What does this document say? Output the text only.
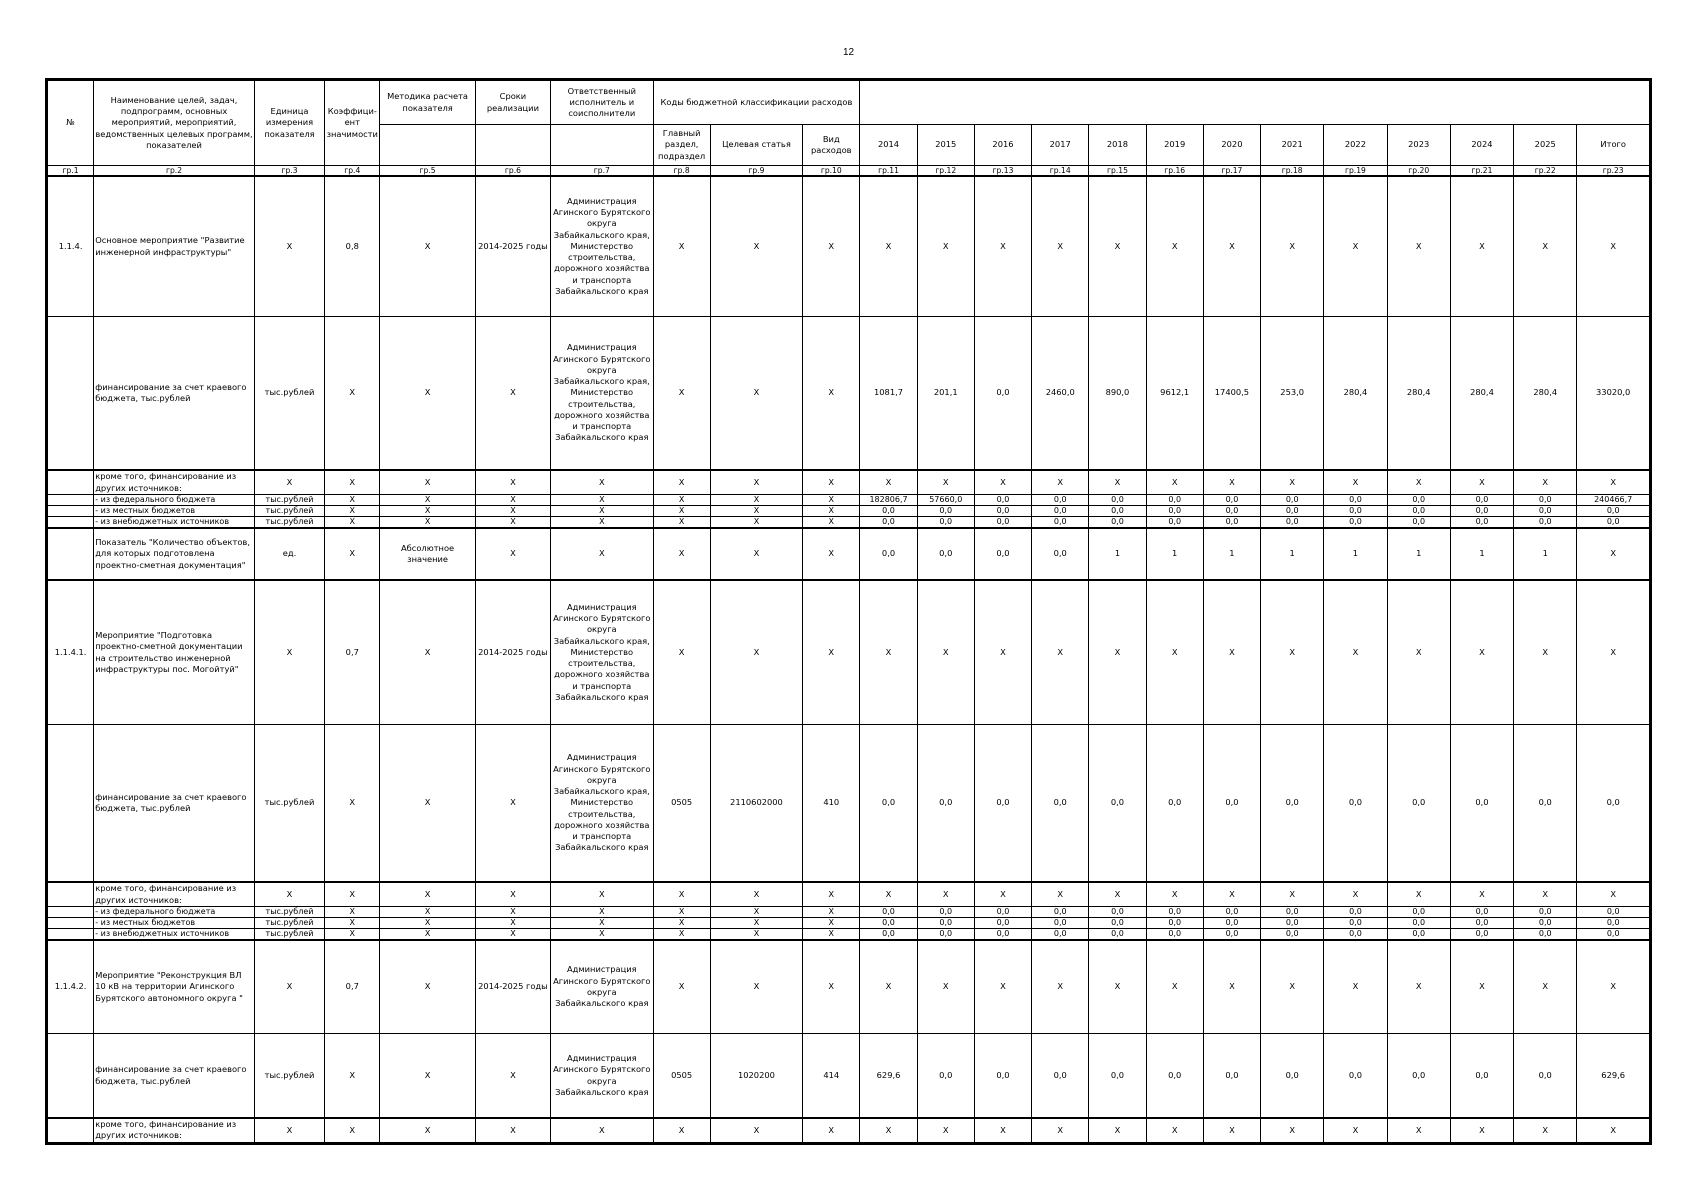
12
№	Наименование целей, задач, подпрограмм, основных мероприятий, мероприятий, ведомственных целевых программ, показателей	Единица измерения показателя	Коэффици-ент значимости	Методика расчета показателя	Сроки реализации	Ответственный исполнитель и соисполнители	Коды бюджетной классификации расходов															
							Главный раздел, подраздел	Целевая статья	Вид расходов	2014	2015	2016	2017	2018	2019	2020	2021	2022	2023	2024	2025	Итого
гр.1	гр.2	гр.3	гр.4	гр.5	гр.6	гр.7	гр.8	гр.9	гр.10	гр.11	гр.12	гр.13	гр.14	гр.15	гр.16	гр.17	гр.18	гр.19	гр.20	гр.21	гр.22	гр.23
1.1.4.	Основное мероприятие "Развитие инженерной инфраструктуры"	Х	0,8	Х	2014-2025 годы	Администрация Агинского Бурятского округа Забайкальского края, Министерство строительства, дорожного хозяйства и транспорта Забайкальского края	Х	Х	Х	Х	Х	Х	Х	Х	Х	Х	Х	Х	Х	Х	Х	Х
	финансирование за счет краевого бюджета, тыс.рублей	тыс.рублей	Х	Х	Х	Администрация Агинского Бурятского округа Забайкальского края, Министерство строительства, дорожного хозяйства и транспорта Забайкальского края	Х	Х	Х	1081,7	201,1	0,0	2460,0	890,0	9612,1	17400,5	253,0	280,4	280,4	280,4	280,4	33020,0
	кроме того, финансирование из других источников:	Х	Х	Х	Х	Х	Х	Х	Х	Х	Х	Х	Х	Х	Х	Х	Х	Х	Х	Х	Х	Х
	- из федерального бюджета	тыс.рублей	Х	Х	Х	Х	Х	Х	Х	182806,7	57660,0	0,0	0,0	0,0	0,0	0,0	0,0	0,0	0,0	0,0	0,0	240466,7
	- из местных бюджетов	тыс.рублей	Х	Х	Х	Х	Х	Х	Х	0,0	0,0	0,0	0,0	0,0	0,0	0,0	0,0	0,0	0,0	0,0	0,0	0,0
	- из внебюджетных источников	тыс.рублей	Х	Х	Х	Х	Х	Х	Х	0,0	0,0	0,0	0,0	0,0	0,0	0,0	0,0	0,0	0,0	0,0	0,0	0,0
	Показатель "Количество объектов, для которых подготовлена проектно-сметная документация"	ед.	Х	Абсолютное значение	Х	Х	Х	Х	Х	0,0	0,0	0,0	0,0	1	1	1	1	1	1	1	1	Х
1.1.4.1.	Мероприятие "Подготовка проектно-сметной документации на строительство инженерной инфраструктуры пос. Могойтуй"	Х	0,7	Х	2014-2025 годы	Администрация Агинского Бурятского округа Забайкальского края, Министерство строительства, дорожного хозяйства и транспорта Забайкальского края	Х	Х	Х	Х	Х	Х	Х	Х	Х	Х	Х	Х	Х	Х	Х	Х
	финансирование за счет краевого бюджета, тыс.рублей	тыс.рублей	Х	Х	Х	Администрация Агинского Бурятского округа Забайкальского края, Министерство строительства, дорожного хозяйства и транспорта Забайкальского края	0505	2110602000	410	0,0	0,0	0,0	0,0	0,0	0,0	0,0	0,0	0,0	0,0	0,0	0,0	0,0
	кроме того, финансирование из других источников:	Х	Х	Х	Х	Х	Х	Х	Х	Х	Х	Х	Х	Х	Х	Х	Х	Х	Х	Х	Х	Х
	- из федерального бюджета	тыс.рублей	Х	Х	Х	Х	Х	Х	Х	0,0	0,0	0,0	0,0	0,0	0,0	0,0	0,0	0,0	0,0	0,0	0,0	0,0
	- из местных бюджетов	тыс.рублей	Х	Х	Х	Х	Х	Х	Х	0,0	0,0	0,0	0,0	0,0	0,0	0,0	0,0	0,0	0,0	0,0	0,0	0,0
	- из внебюджетных источников	тыс.рублей	Х	Х	Х	Х	Х	Х	Х	0,0	0,0	0,0	0,0	0,0	0,0	0,0	0,0	0,0	0,0	0,0	0,0	0,0
1.1.4.2.	Мероприятие "Реконструкция ВЛ 10 кВ на территории Агинского Бурятского автономного округа "	Х	0,7	Х	2014-2025 годы	Администрация Агинского Бурятского округа Забайкальского края	Х	Х	Х	Х	Х	Х	Х	Х	Х	Х	Х	Х	Х	Х	Х	Х
	финансирование за счет краевого бюджета, тыс.рублей	тыс.рублей	Х	Х	Х	Администрация Агинского Бурятского округа Забайкальского края	0505	1020200	414	629,6	0,0	0,0	0,0	0,0	0,0	0,0	0,0	0,0	0,0	0,0	0,0	629,6
	кроме того, финансирование из других источников:	Х	Х	Х	Х	Х	Х	Х	Х	Х	Х	Х	Х	Х	Х	Х	Х	Х	Х	Х	Х	Х
